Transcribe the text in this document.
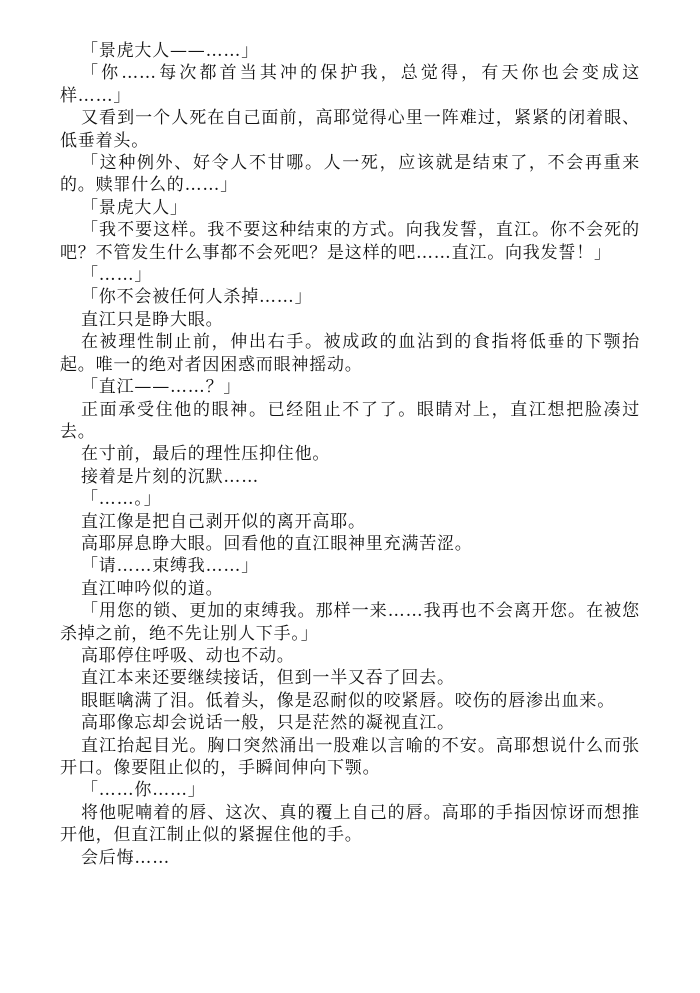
「景虎大人——……」

「你……每次都首当其冲的保护我，总觉得，有天你也会变成这样……」

又看到一个人死在自己面前，高耶觉得心里一阵难过，紧紧的闭着眼、低垂着头。

「这种例外、好令人不甘哪。人一死，应该就是结束了，不会再重来的。赎罪什么的……」

「景虎大人」

「我不要这样。我不要这种结束的方式。向我发誓，直江。你不会死的吧？不管发生什么事都不会死吧？是这样的吧……直江。向我发誓！」

「……」

「你不会被任何人杀掉……」

直江只是睁大眼。

在被理性制止前，伸出右手。被成政的血沾到的食指将低垂的下颚抬起。唯一的绝对者因困惑而眼神摇动。

「直江——……？」

正面承受住他的眼神。已经阻止不了了。眼睛对上，直江想把脸凑过去。

在寸前，最后的理性压抑住他。

接着是片刻的沉默……

「……。」

直江像是把自己剥开似的离开高耶。

高耶屏息睁大眼。回看他的直江眼神里充满苦涩。

「请……束缚我……」

直江呻吟似的道。

「用您的锁、更加的束缚我。那样一来……我再也不会离开您。在被您杀掉之前，绝不先让别人下手。」

高耶停住呼吸、动也不动。

直江本来还要继续接话，但到一半又吞了回去。

眼眶噙满了泪。低着头，像是忍耐似的咬紧唇。咬伤的唇渗出血来。

高耶像忘却会说话一般，只是茫然的凝视直江。

直江抬起目光。胸口突然涌出一股难以言喻的不安。高耶想说什么而张开口。像要阻止似的，手瞬间伸向下颚。

「……你……」

将他呢喃着的唇、这次、真的覆上自己的唇。高耶的手指因惊讶而想推开他，但直江制止似的紧握住他的手。

会后悔……
